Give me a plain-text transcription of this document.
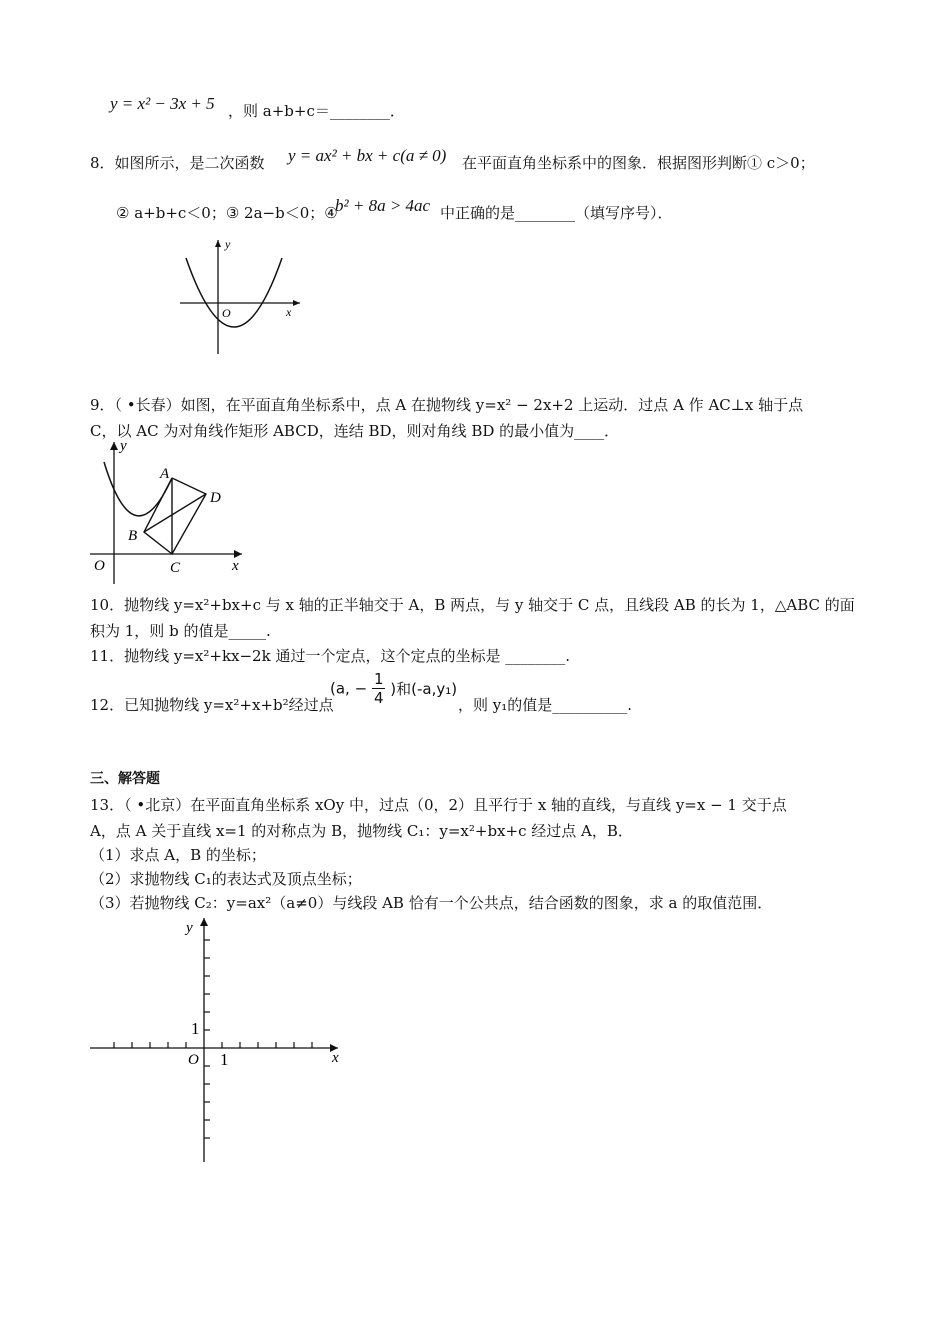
y = x² − 3x + 5 ，则 a+b+c＝________．
8．如图所示，是二次函数 y = ax² + bx + c(a ≠ 0) 在平面直角坐标系中的图象．根据图形判断① c＞0；
② a+b+c＜0；③ 2a−b＜0；④
b² + 8a > 4ac 中正确的是________（填写序号）．
y
x
O
9．（ •长春）如图，在平面直角坐标系中，点 A 在抛物线 y=x² − 2x+2 上运动．过点 A 作 AC⊥x 轴于点
C，以 AC 为对角线作矩形 ABCD，连结 BD，则对角线 BD 的最小值为____．
y
x
O
A
B
C
D
10．抛物线 y=x²+bx+c 与 x 轴的正半轴交于 A，B 两点，与 y 轴交于 C 点，且线段 AB 的长为 1，△ABC 的面
积为 1，则 b 的值是_____.
11．抛物线 y=x²+kx−2k 通过一个定点，这个定点的坐标是 ________.
12．已知抛物线 y=x²+x+b²经过点
(a, − $\frac{1}{4}$ )和(-a,y₁)
，则 y₁的值是__________.
三、解答题
13．（ •北京）在平面直角坐标系 xOy 中，过点（0，2）且平行于 x 轴的直线，与直线 y=x − 1 交于点
A，点 A 关于直线 x=1 的对称点为 B，抛物线 C₁：y=x²+bx+c 经过点 A，B．
（1）求点 A，B 的坐标；
（2）求抛物线 C₁的表达式及顶点坐标；
（3）若抛物线 C₂：y=ax²（a≠0）与线段 AB 恰有一个公共点，结合函数的图象，求 a 的取值范围．
y
x
O
1
1
